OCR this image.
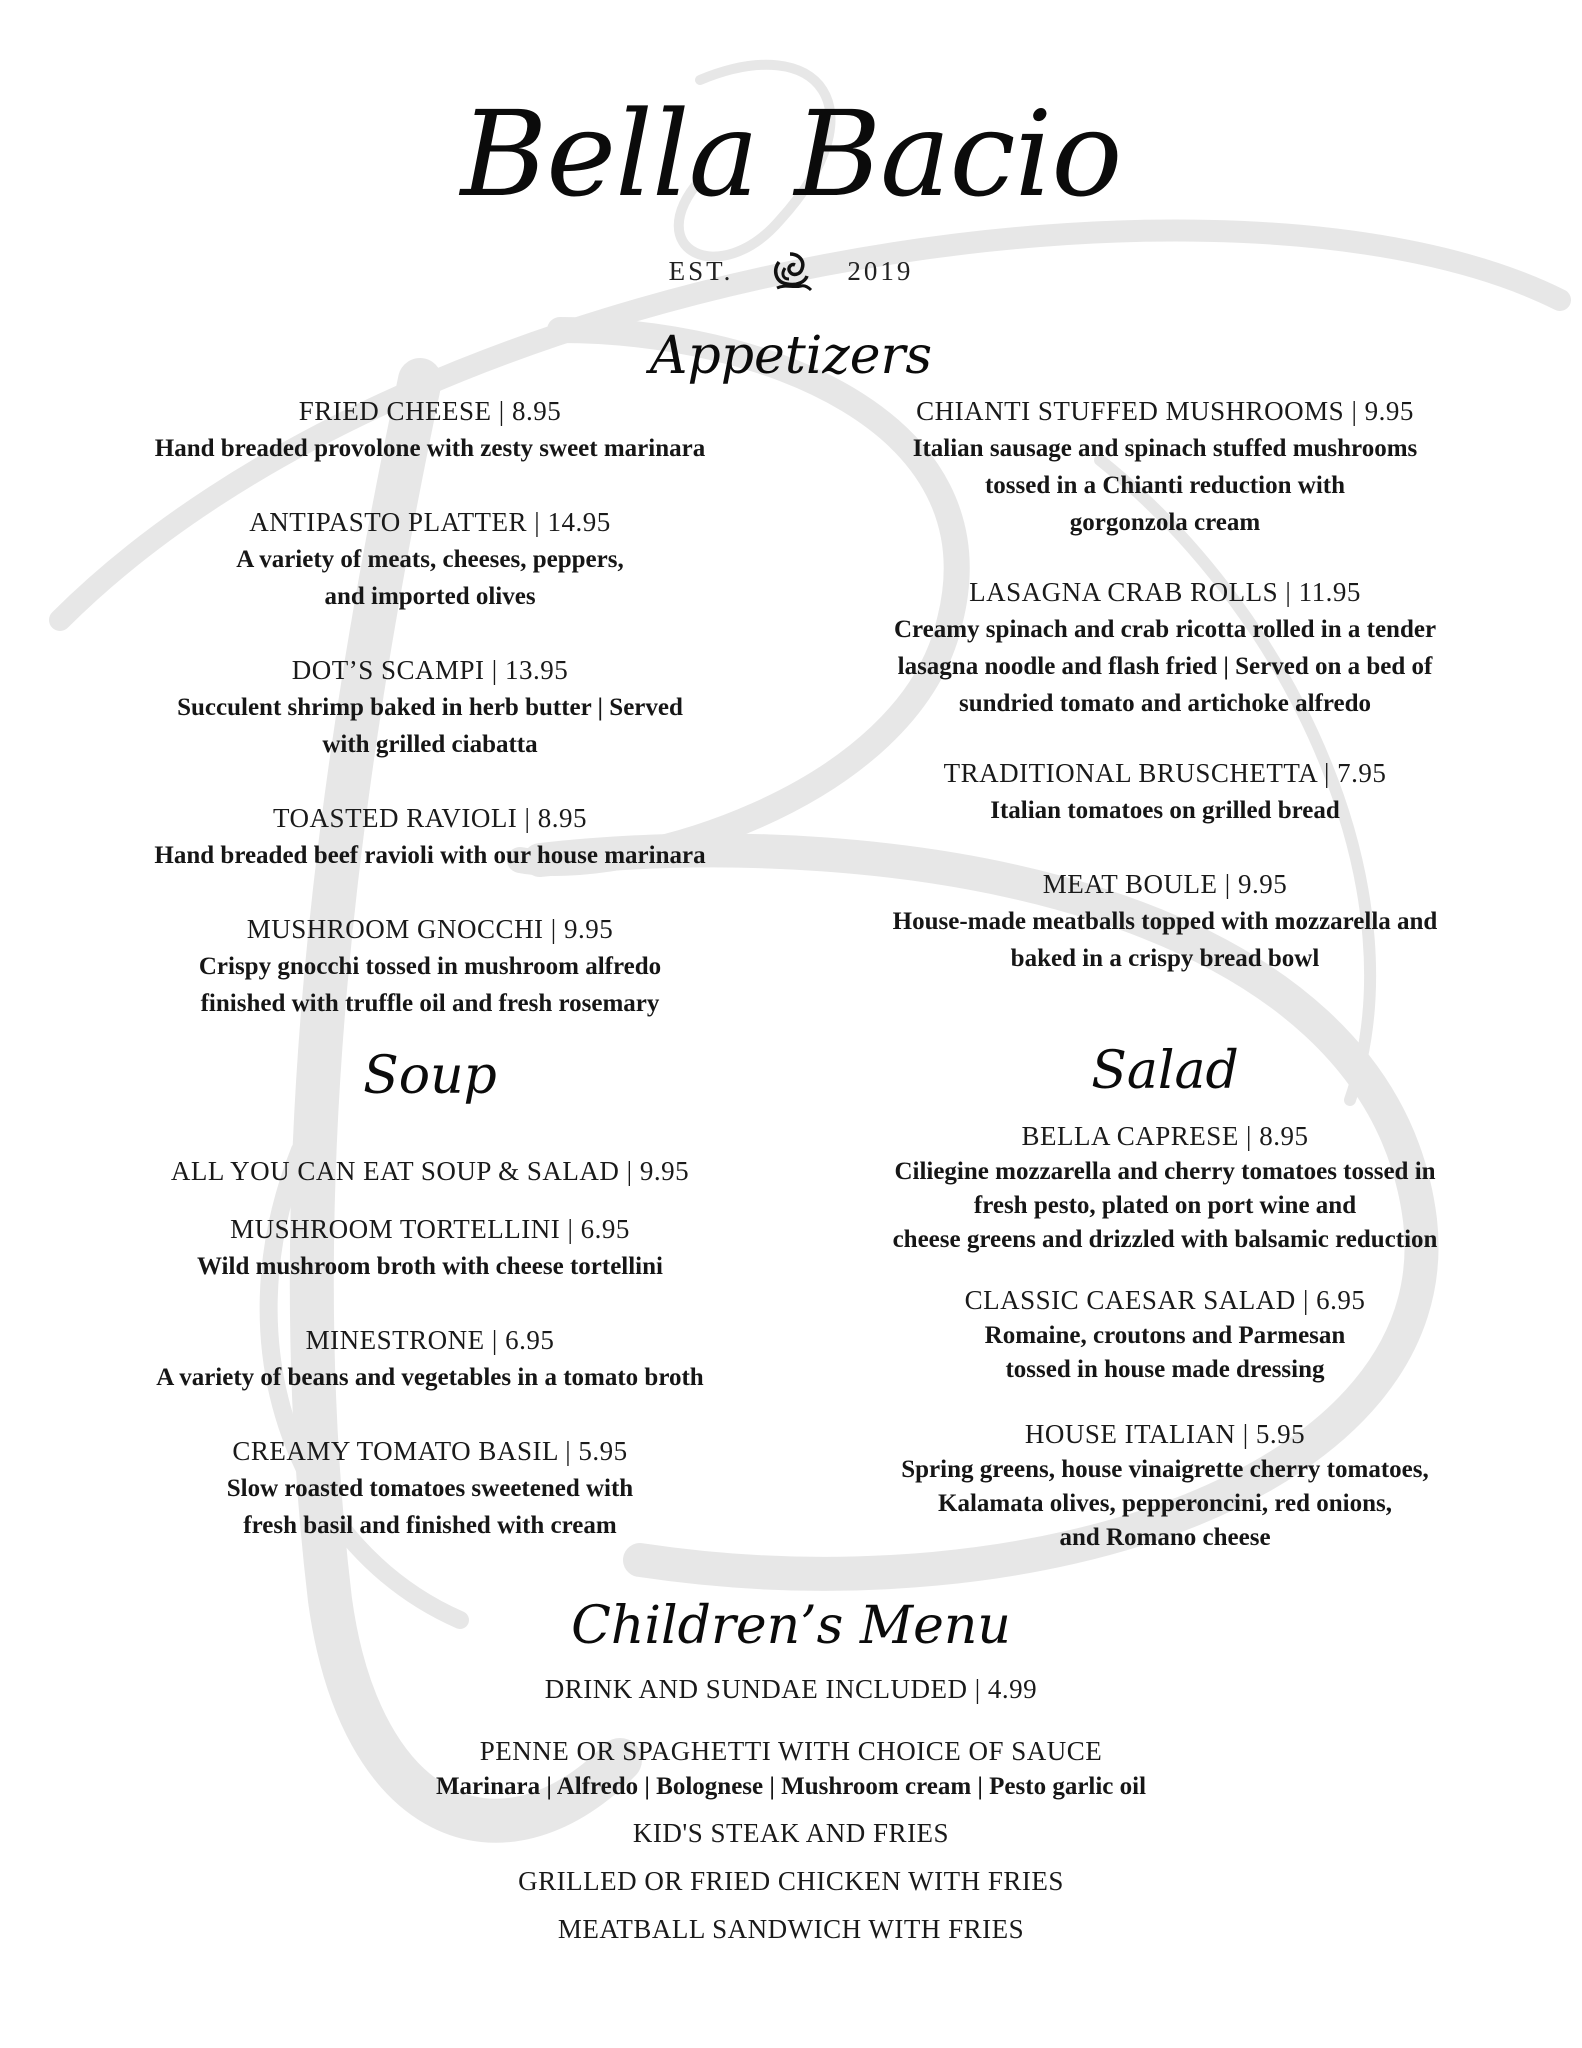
Bella Bacio
EST.	2019
Appetizers
FRIED CHEESE | 8.95
Hand breaded provolone with zesty sweet marinara
ANTIPASTO PLATTER | 14.95
A variety of meats, cheeses, peppers,
and imported olives
DOT’S SCAMPI | 13.95
Succulent shrimp baked in herb butter | Served
with grilled ciabatta
TOASTED RAVIOLI | 8.95
Hand breaded beef ravioli with our house marinara
MUSHROOM GNOCCHI | 9.95
Crispy gnocchi tossed in mushroom alfredo
finished with truffle oil and fresh rosemary
CHIANTI STUFFED MUSHROOMS | 9.95
Italian sausage and spinach stuffed mushrooms
tossed in a Chianti reduction with
gorgonzola cream
LASAGNA CRAB ROLLS | 11.95
Creamy spinach and crab ricotta rolled in a tender
lasagna noodle and flash fried | Served on a bed of
sundried tomato and artichoke alfredo
TRADITIONAL BRUSCHETTA | 7.95
Italian tomatoes on grilled bread
MEAT BOULE | 9.95
House-made meatballs topped with mozzarella and
baked in a crispy bread bowl
Soup
ALL YOU CAN EAT SOUP & SALAD | 9.95
MUSHROOM TORTELLINI | 6.95
Wild mushroom broth with cheese tortellini
MINESTRONE | 6.95
A variety of beans and vegetables in a tomato broth
CREAMY TOMATO BASIL | 5.95
Slow roasted tomatoes sweetened with
fresh basil and finished with cream
Salad
BELLA CAPRESE | 8.95
Ciliegine mozzarella and cherry tomatoes tossed in
fresh pesto, plated on port wine and
cheese greens and drizzled with balsamic reduction
CLASSIC CAESAR SALAD | 6.95
Romaine, croutons and Parmesan
tossed in house made dressing
HOUSE ITALIAN | 5.95
Spring greens, house vinaigrette cherry tomatoes,
Kalamata olives, pepperoncini, red onions,
and Romano cheese
Children’s Menu
DRINK AND SUNDAE INCLUDED | 4.99
PENNE OR SPAGHETTI WITH CHOICE OF SAUCE
Marinara | Alfredo | Bolognese | Mushroom cream | Pesto garlic oil
KID'S STEAK AND FRIES
GRILLED OR FRIED CHICKEN WITH FRIES
MEATBALL SANDWICH WITH FRIES
